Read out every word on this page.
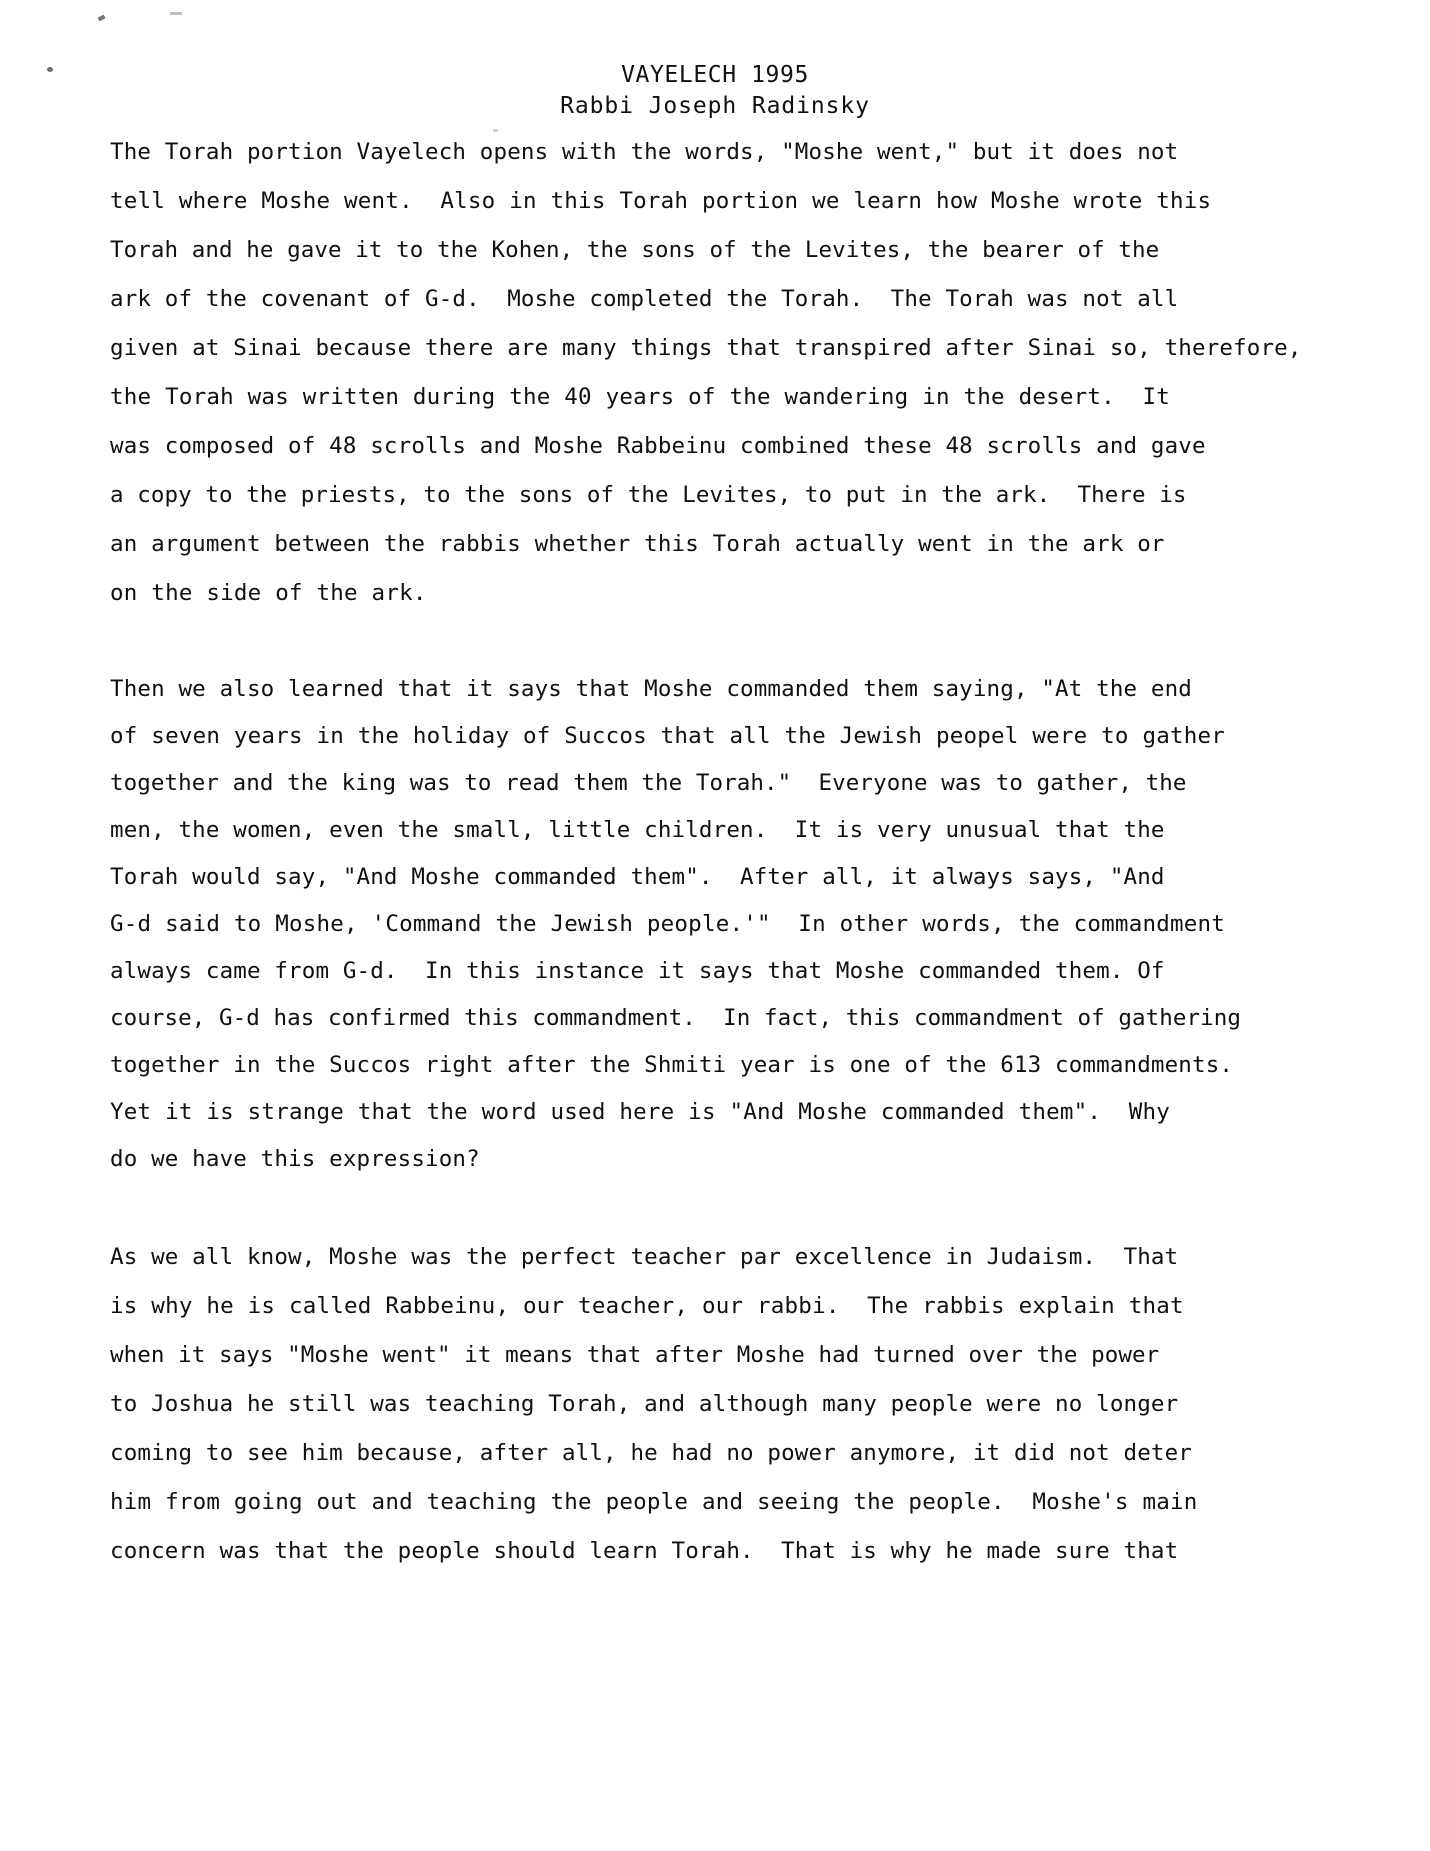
VAYELECH 1995
Rabbi Joseph Radinsky
The Torah portion Vayelech opens with the words, "Moshe went," but it does not
tell where Moshe went.  Also in this Torah portion we learn how Moshe wrote this
Torah and he gave it to the Kohen, the sons of the Levites, the bearer of the
ark of the covenant of G-d.  Moshe completed the Torah.  The Torah was not all
given at Sinai because there are many things that transpired after Sinai so, therefore,
the Torah was written during the 40 years of the wandering in the desert.  It
was composed of 48 scrolls and Moshe Rabbeinu combined these 48 scrolls and gave
a copy to the priests, to the sons of the Levites, to put in the ark.  There is
an argument between the rabbis whether this Torah actually went in the ark or
on the side of the ark.
Then we also learned that it says that Moshe commanded them saying, "At the end
of seven years in the holiday of Succos that all the Jewish peopel were to gather
together and the king was to read them the Torah."  Everyone was to gather, the
men, the women, even the small, little children.  It is very unusual that the
Torah would say, "And Moshe commanded them".  After all, it always says, "And
G-d said to Moshe, 'Command the Jewish people.'"  In other words, the commandment
always came from G-d.  In this instance it says that Moshe commanded them. Of
course, G-d has confirmed this commandment.  In fact, this commandment of gathering
together in the Succos right after the Shmiti year is one of the 613 commandments.
Yet it is strange that the word used here is "And Moshe commanded them".  Why
do we have this expression?
As we all know, Moshe was the perfect teacher par excellence in Judaism.  That
is why he is called Rabbeinu, our teacher, our rabbi.  The rabbis explain that
when it says "Moshe went" it means that after Moshe had turned over the power
to Joshua he still was teaching Torah, and although many people were no longer
coming to see him because, after all, he had no power anymore, it did not deter
him from going out and teaching the people and seeing the people.  Moshe's main
concern was that the people should learn Torah.  That is why he made sure that
